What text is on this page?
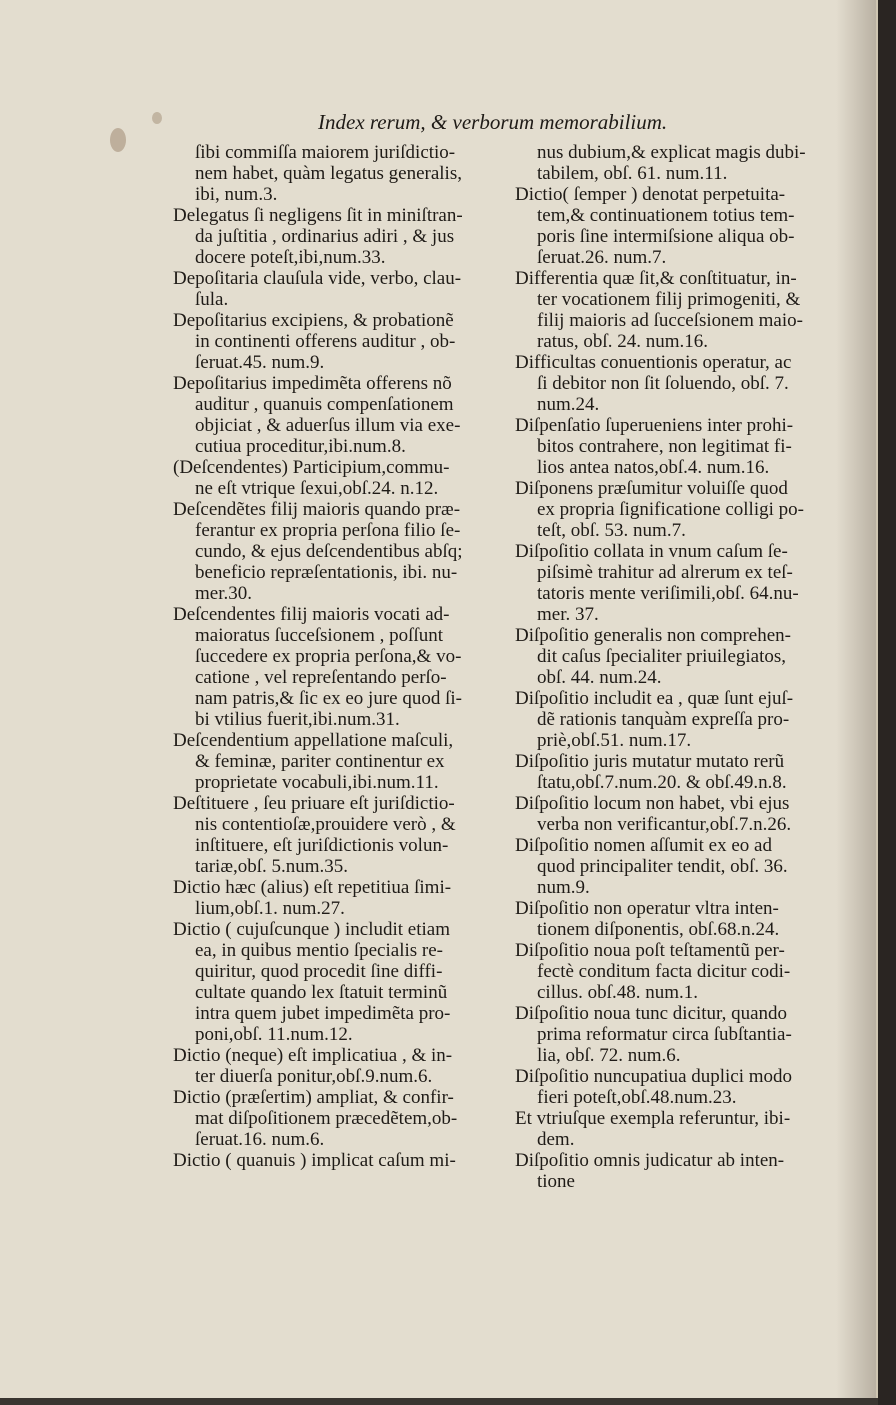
Index rerum, & verborum memorabilium.
ſibi commiſſa maiorem juriſdictio-
nem habet, quàm legatus generalis,
ibi, num.3.
Delegatus ſi negligens ſit in miniſtran-
da juſtitia , ordinarius adiri , & jus
docere poteſt,ibi,num.33.
Depoſitaria clauſula vide, verbo, clau-
ſula.
Depoſitarius excipiens, & probationẽ
in continenti offerens auditur , ob-
ſeruat.45. num.9.
Depoſitarius impedimẽta offerens nõ
auditur , quanuis compenſationem
objiciat , & aduerſus illum via exe-
cutiua proceditur,ibi.num.8.
(Deſcendentes) Participium,commu-
ne eſt vtrique ſexui,obſ.24. n.12.
Deſcendẽtes filij maioris quando præ-
ferantur ex propria perſona filio ſe-
cundo, & ejus deſcendentibus abſq;
beneficio repræſentationis, ibi. nu-
mer.30.
Deſcendentes filij maioris vocati ad-
maioratus ſucceſsionem , poſſunt
ſuccedere ex propria perſona,& vo-
catione , vel repreſentando perſo-
nam patris,& ſic ex eo jure quod ſi-
bi vtilius fuerit,ibi.num.31.
Deſcendentium appellatione maſculi,
& feminæ, pariter continentur ex
proprietate vocabuli,ibi.num.11.
Deſtituere , ſeu priuare eſt juriſdictio-
nis contentioſæ,prouidere verò , &
inſtituere, eſt juriſdictionis volun-
tariæ,obſ. 5.num.35.
Dictio hæc (alius) eſt repetitiua ſimi-
lium,obſ.1. num.27.
Dictio ( cujuſcunque ) includit etiam
ea, in quibus mentio ſpecialis re-
quiritur, quod procedit ſine diffi-
cultate quando lex ſtatuit terminũ
intra quem jubet impedimẽta pro-
poni,obſ. 11.num.12.
Dictio (neque) eſt implicatiua , & in-
ter diuerſa ponitur,obſ.9.num.6.
Dictio (præſertim) ampliat, & confir-
mat diſpoſitionem præcedẽtem,ob-
ſeruat.16. num.6.
Dictio ( quanuis ) implicat caſum mi-
nus dubium,& explicat magis dubi-
tabilem, obſ. 61. num.11.
Dictio( ſemper ) denotat perpetuita-
tem,& continuationem totius tem-
poris ſine intermiſsione aliqua ob-
ſeruat.26. num.7.
Differentia quæ ſit,& conſtituatur, in-
ter vocationem filij primogeniti, &
filij maioris ad ſucceſsionem maio-
ratus, obſ. 24. num.16.
Difficultas conuentionis operatur, ac
ſi debitor non ſit ſoluendo, obſ. 7.
num.24.
Diſpenſatio ſuperueniens inter prohi-
bitos contrahere, non legitimat fi-
lios antea natos,obſ.4. num.16.
Diſponens præſumitur voluiſſe quod
ex propria ſignificatione colligi po-
teſt, obſ. 53. num.7.
Diſpoſitio collata in vnum caſum ſe-
piſsimè trahitur ad alrerum ex teſ-
tatoris mente veriſimili,obſ. 64.nu-
mer. 37.
Diſpoſitio generalis non comprehen-
dit caſus ſpecialiter priuilegiatos,
obſ. 44. num.24.
Diſpoſitio includit ea , quæ ſunt ejuſ-
dẽ rationis tanquàm expreſſa pro-
priè,obſ.51. num.17.
Diſpoſitio juris mutatur mutato rerũ
ſtatu,obſ.7.num.20. & obſ.49.n.8.
Diſpoſitio locum non habet, vbi ejus
verba non verificantur,obſ.7.n.26.
Diſpoſitio nomen aſſumit ex eo ad
quod principaliter tendit, obſ. 36.
num.9.
Diſpoſitio non operatur vltra inten-
tionem diſponentis, obſ.68.n.24.
Diſpoſitio noua poſt teſtamentũ per-
fectè conditum facta dicitur codi-
cillus. obſ.48. num.1.
Diſpoſitio noua tunc dicitur, quando
prima reformatur circa ſubſtantia-
lia, obſ. 72. num.6.
Diſpoſitio nuncupatiua duplici modo
fieri poteſt,obſ.48.num.23.
Et vtriuſque exempla referuntur, ibi-
dem.
Diſpoſitio omnis judicatur ab inten-
tione
